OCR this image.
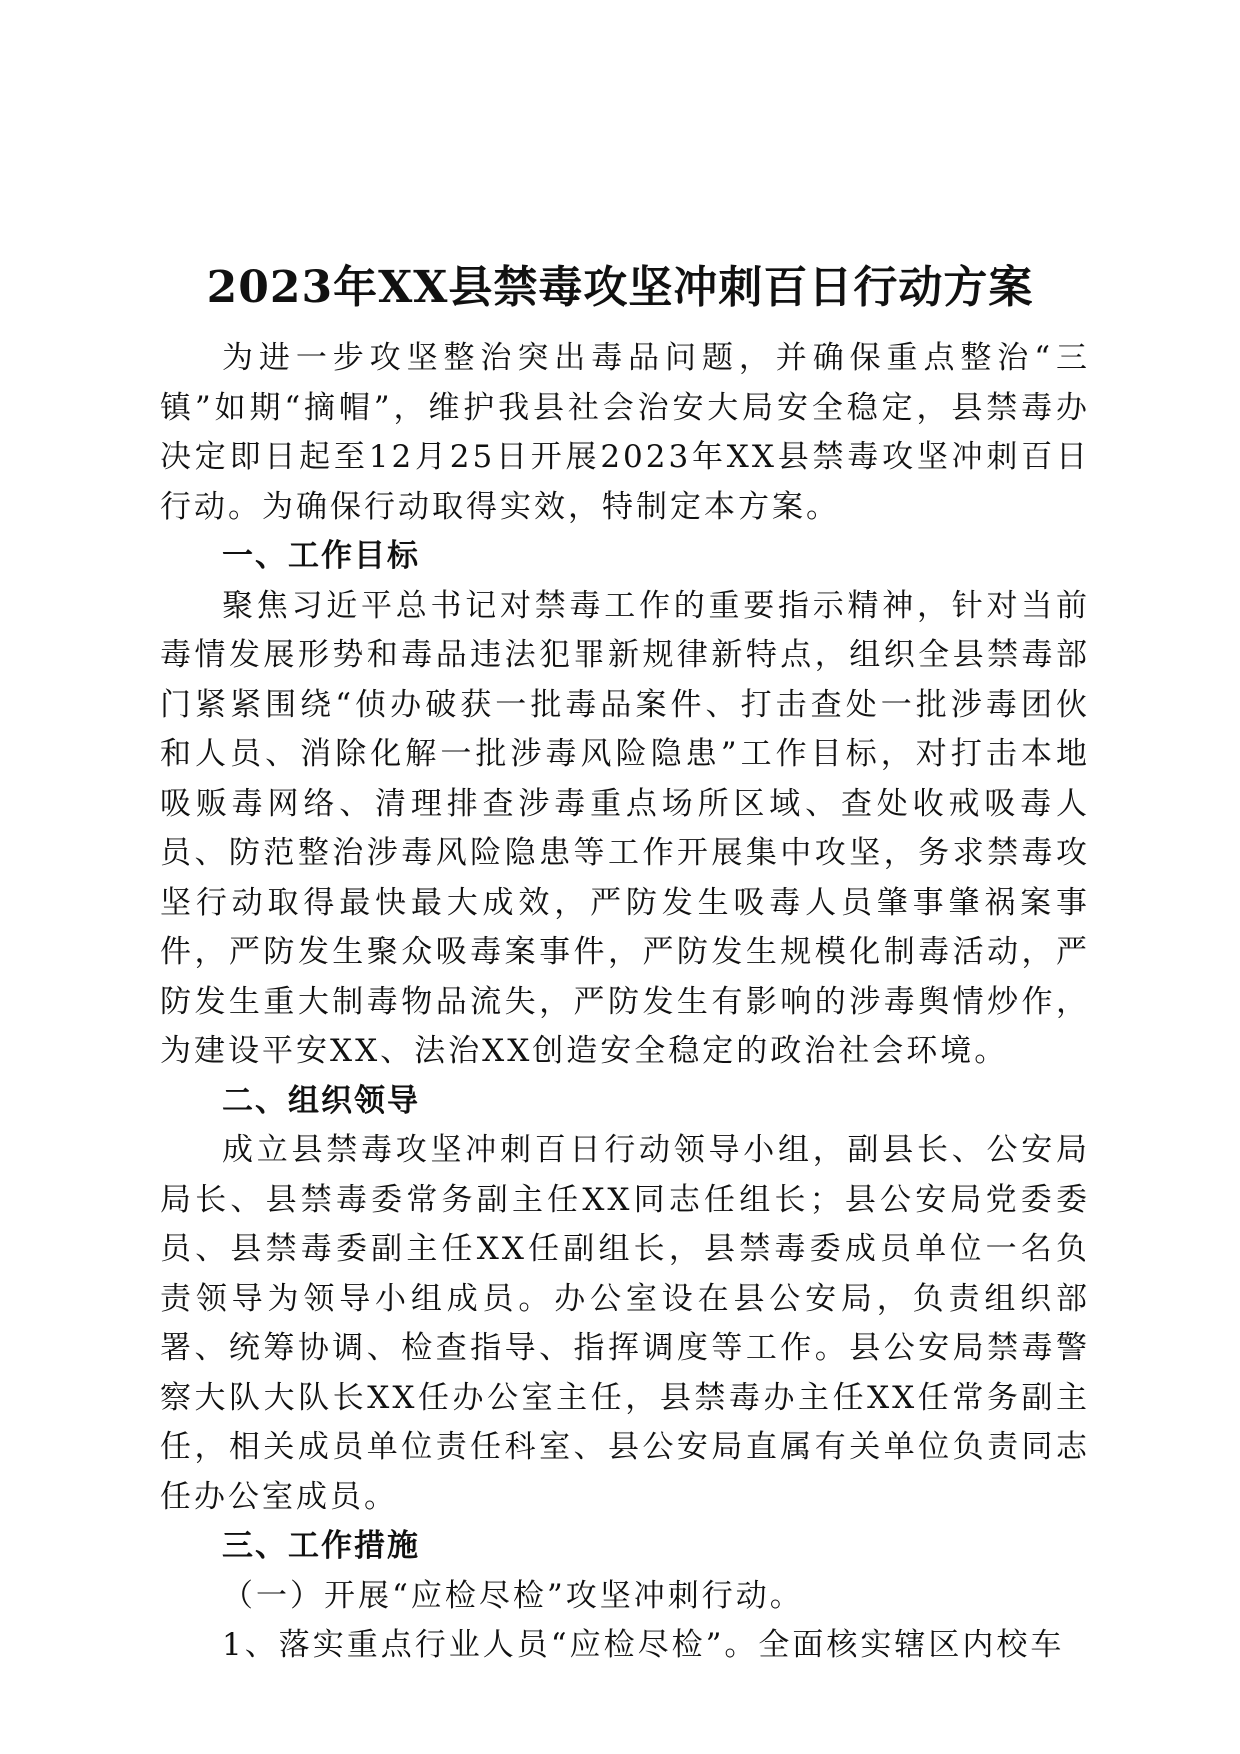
2023年XX县禁毒攻坚冲刺百日行动方案

为进一步攻坚整治突出毒品问题，并确保重点整治“三镇”如期“摘帽”，维护我县社会治安大局安全稳定，县禁毒办决定即日起至12月25日开展2023年XX县禁毒攻坚冲刺百日行动。为确保行动取得实效，特制定本方案。

一、工作目标

聚焦习近平总书记对禁毒工作的重要指示精神，针对当前毒情发展形势和毒品违法犯罪新规律新特点，组织全县禁毒部门紧紧围绕“侦办破获一批毒品案件、打击查处一批涉毒团伙和人员、消除化解一批涉毒风险隐患”工作目标，对打击本地吸贩毒网络、清理排查涉毒重点场所区域、查处收戒吸毒人员、防范整治涉毒风险隐患等工作开展集中攻坚，务求禁毒攻坚行动取得最快最大成效，严防发生吸毒人员肇事肇祸案事件，严防发生聚众吸毒案事件，严防发生规模化制毒活动，严防发生重大制毒物品流失，严防发生有影响的涉毒舆情炒作，为建设平安XX、法治XX创造安全稳定的政治社会环境。

二、组织领导

成立县禁毒攻坚冲刺百日行动领导小组，副县长、公安局局长、县禁毒委常务副主任XX同志任组长；县公安局党委委员、县禁毒委副主任XX任副组长，县禁毒委成员单位一名负责领导为领导小组成员。办公室设在县公安局，负责组织部署、统筹协调、检查指导、指挥调度等工作。县公安局禁毒警察大队大队长XX任办公室主任，县禁毒办主任XX任常务副主任，相关成员单位责任科室、县公安局直属有关单位负责同志任办公室成员。

三、工作措施

（一）开展“应检尽检”攻坚冲刺行动。

1、落实重点行业人员“应检尽检”。全面核实辖区内校车
